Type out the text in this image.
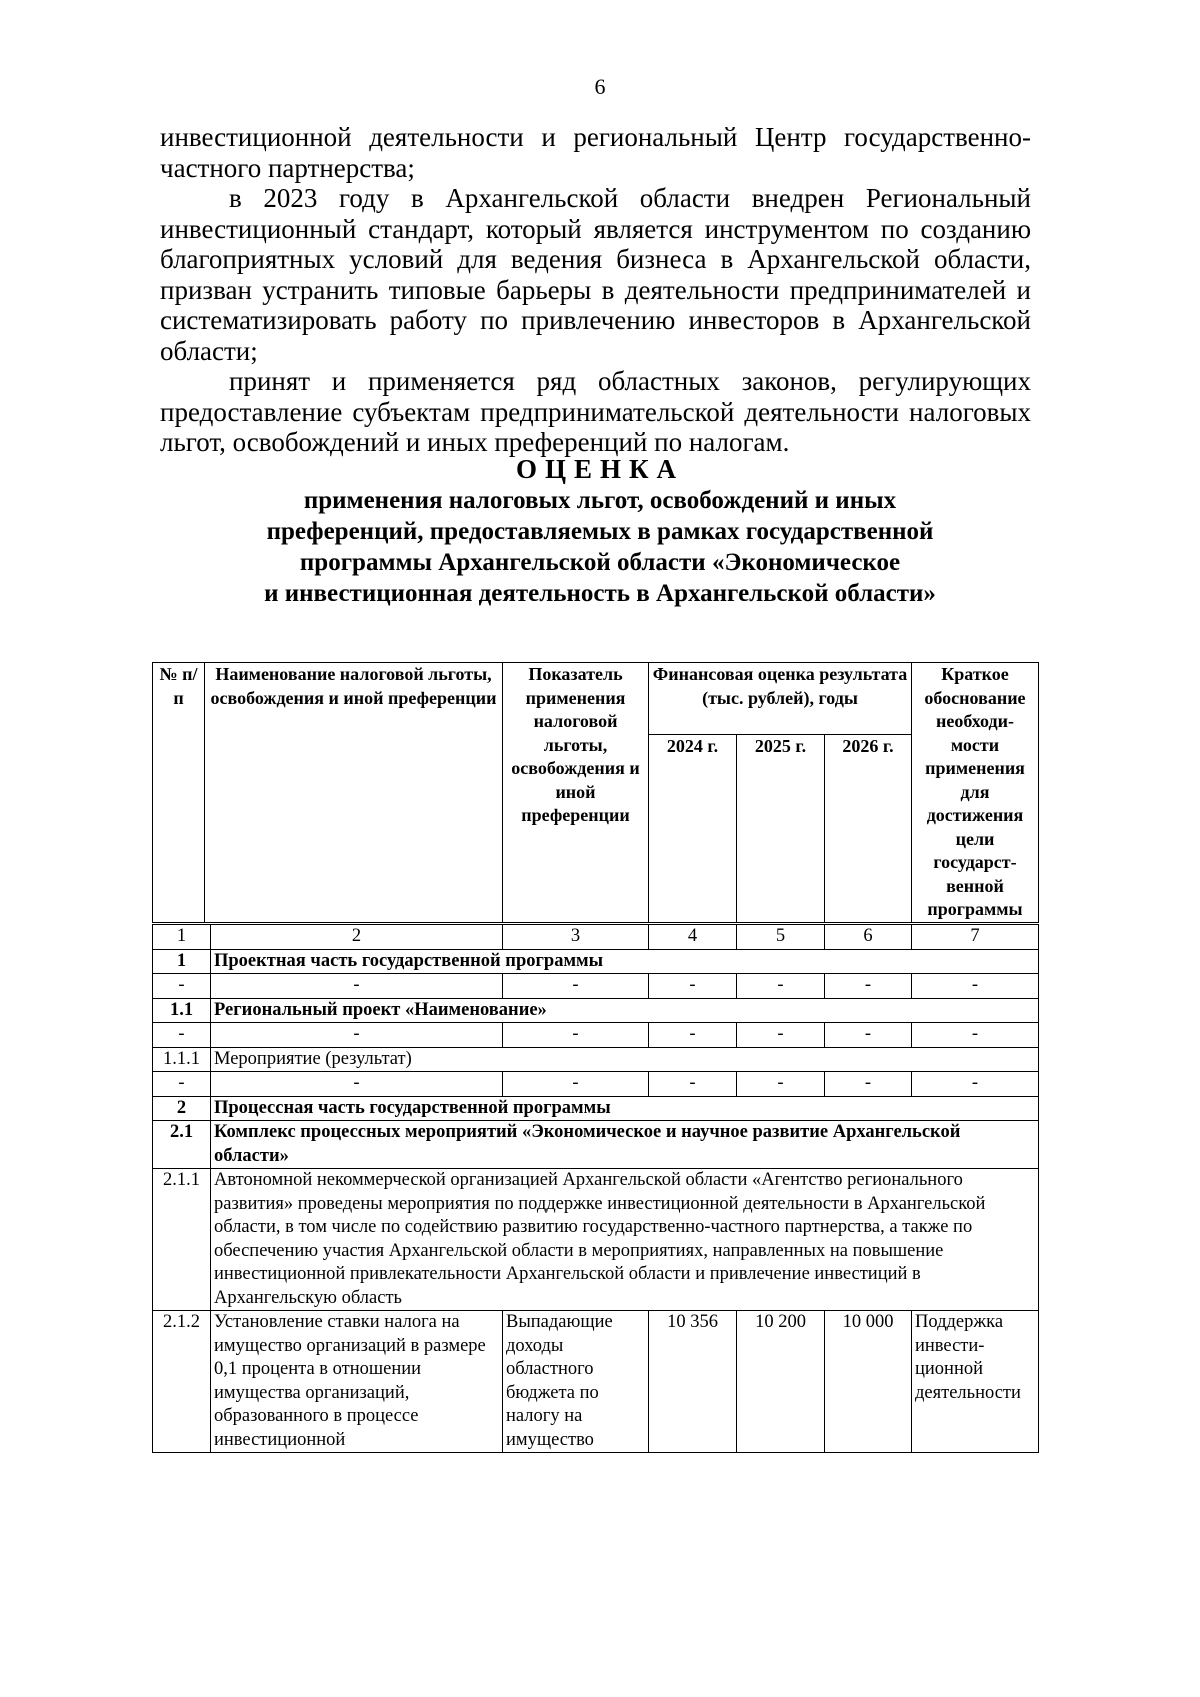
6

инвестиционной деятельности и региональный Центр государственно-частного партнерства;

в 2023 году в Архангельской области внедрен Региональный инвестиционный стандарт, который является инструментом по созданию благоприятных условий для ведения бизнеса в Архангельской области, призван устранить типовые барьеры в деятельности предпринимателей и систематизировать работу по привлечению инвесторов в Архангельской области;

принят и применяется ряд областных законов, регулирующих предоставление субъектам предпринимательской деятельности налоговых льгот, освобождений и иных преференций по налогам.

ОЦЕНКА
применения налоговых льгот, освобождений и иных
преференций, предоставляемых в рамках государственной
программы Архангельской области «Экономическое
и инвестиционная деятельность в Архангельской области»
№ п/п	Наименование налоговой льготы, освобождения и иной преференции	Показатель применения налоговой льготы, освобождения и иной преференции	Финансовая оценка результата (тыс. рублей), годы			Краткое обоснование необходи-мости применения для достижения цели государст-венной программы
			2024 г.	2025 г.	2026 г.	
1	2	3	4	5	6	7
1	Проектная часть государственной программы					
-	-	-	-	-	-	-
1.1	Региональный проект «Наименование»					
-	-	-	-	-	-	-
1.1.1	Мероприятие (результат)					
-	-	-	-	-	-	-
2	Процессная часть государственной программы					
2.1	Комплекс процессных мероприятий «Экономическое и научное развитие Архангельской области»					
2.1.1	Автономной некоммерческой организацией Архангельской области «Агентство регионального развития» проведены мероприятия по поддержке инвестиционной деятельности в Архангельской области, в том числе по содействию развитию государственно-частного партнерства, а также по обеспечению участия Архангельской области в мероприятиях, направленных на повышение инвестиционной привлекательности Архангельской области и привлечение инвестиций в Архангельскую область					
2.1.2	Установление ставки налога на имущество организаций в размере 0,1 процента в отношении имущества организаций, образованного в процессе инвестиционной	Выпадающие доходы областного бюджета по налогу на имущество	10 356	10 200	10 000	Поддержка инвести-ционной деятельности
